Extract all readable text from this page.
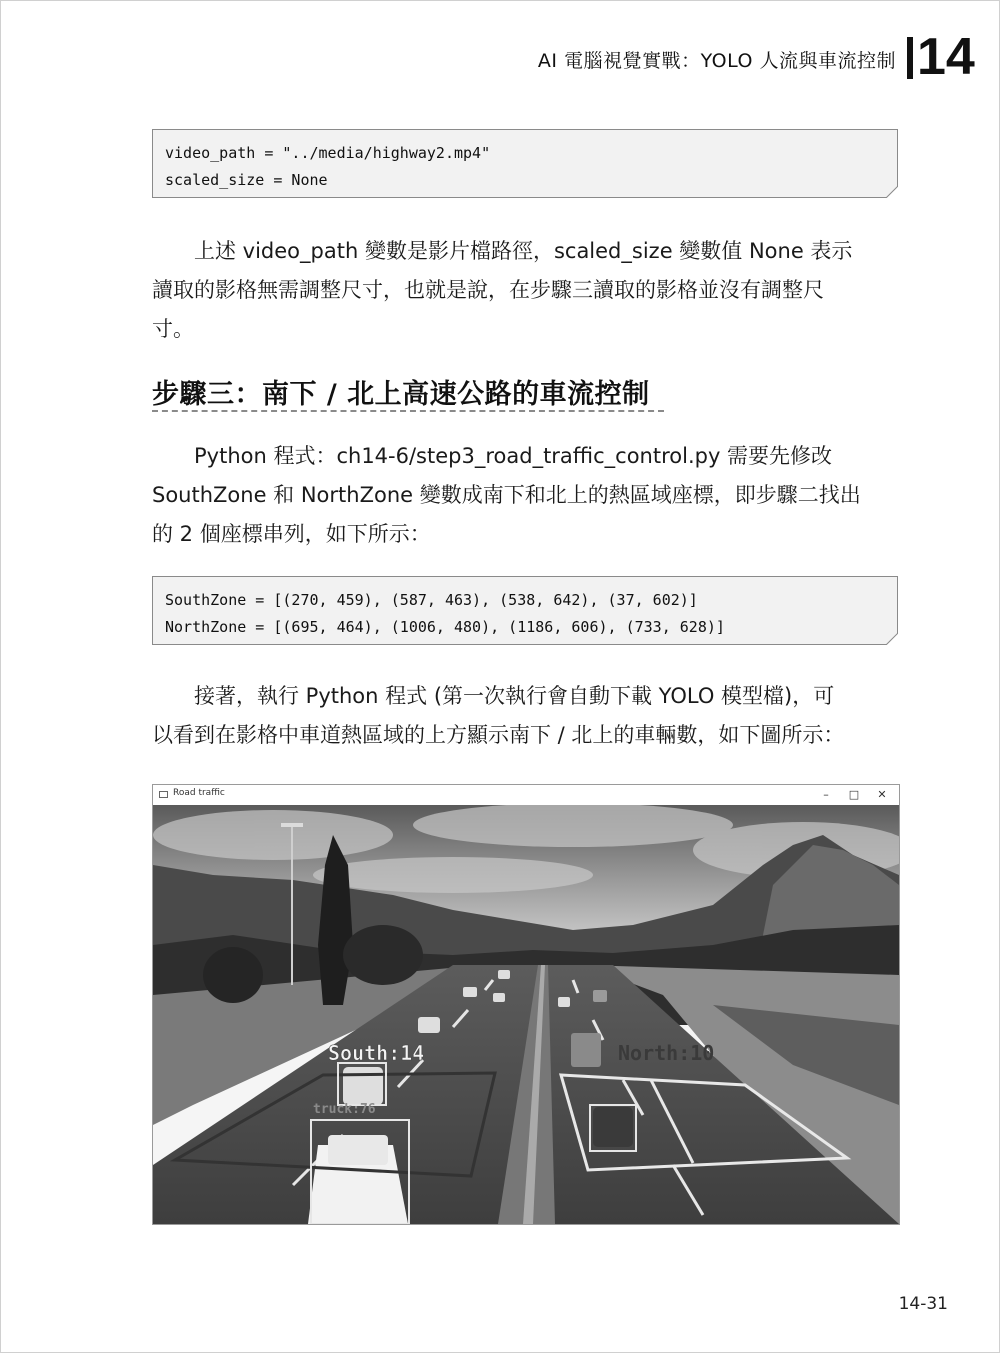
AI 電腦視覺實戰：YOLO 人流與車流控制 14
video_path = "../media/highway2.mp4"
scaled_size = None
上述 video_path 變數是影片檔路徑，scaled_size 變數值 None 表示
讀取的影格無需調整尺寸，也就是說，在步驟三讀取的影格並沒有調整尺
寸。
步驟三：南下 / 北上高速公路的車流控制
Python 程式：ch14-6/step3_road_traffic_control.py 需要先修改
SouthZone 和 NorthZone 變數成南下和北上的熱區域座標，即步驟二找出
的 2 個座標串列，如下所示：
SouthZone = [(270, 459), (587, 463), (538, 642), (37, 602)]
NorthZone = [(695, 464), (1006, 480), (1186, 606), (733, 628)]
接著，執行 Python 程式 (第一次執行會自動下載 YOLO 模型檔)，可
以看到在影格中車道熱區域的上方顯示南下 / 北上的車輛數，如下圖所示：
Road traffic	–	□	✕
South:14	North:10
truck:76
14-31
